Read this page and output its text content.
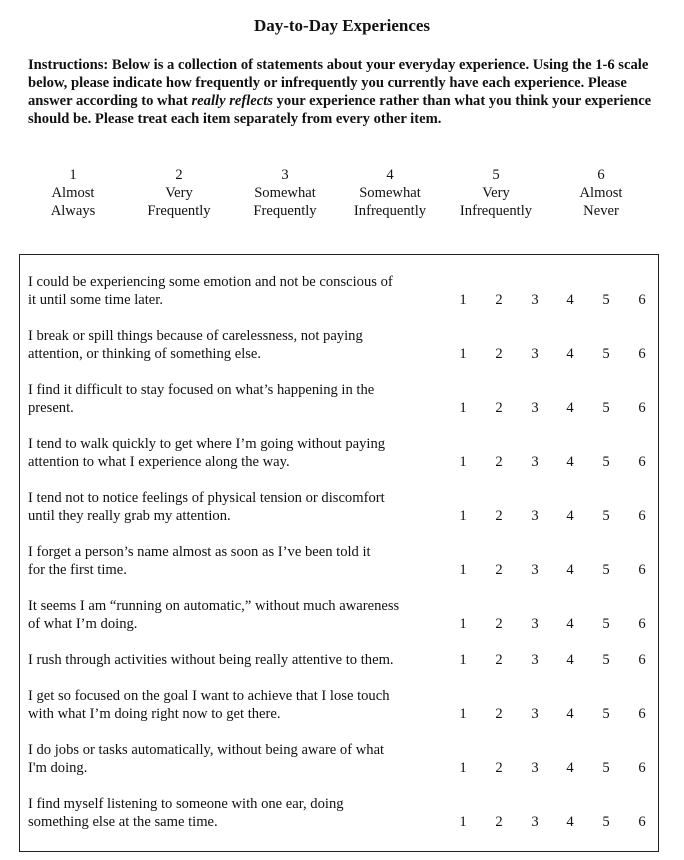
Day-to-Day Experiences
Instructions: Below is a collection of statements about your everyday experience. Using the 1-6 scale below, please indicate how frequently or infrequently you currently have each experience. Please answer according to what really reflects your experience rather than what you think your experience should be. Please treat each item separately from every other item.
1
Almost
Always
2
Very
Frequently
3
Somewhat
Frequently
4
Somewhat
Infrequently
5
Very
Infrequently
6
Almost
Never
I could be experiencing some emotion and not be conscious of
it until some time later.	1 2 3 4 5 6
I break or spill things because of carelessness, not paying
attention, or thinking of something else.	1 2 3 4 5 6
I find it difficult to stay focused on what’s happening in the
present.	1 2 3 4 5 6
I tend to walk quickly to get where I’m going without paying
attention to what I experience along the way.	1 2 3 4 5 6
I tend not to notice feelings of physical tension or discomfort
until they really grab my attention.	1 2 3 4 5 6
I forget a person’s name almost as soon as I’ve been told it
for the first time.	1 2 3 4 5 6
It seems I am “running on automatic,” without much awareness
of what I’m doing.	1 2 3 4 5 6
I rush through activities without being really attentive to them.	1 2 3 4 5 6
I get so focused on the goal I want to achieve that I lose touch
with what I’m doing right now to get there.	1 2 3 4 5 6
I do jobs or tasks automatically, without being aware of what
I'm doing.	1 2 3 4 5 6
I find myself listening to someone with one ear, doing
something else at the same time.	1 2 3 4 5 6
